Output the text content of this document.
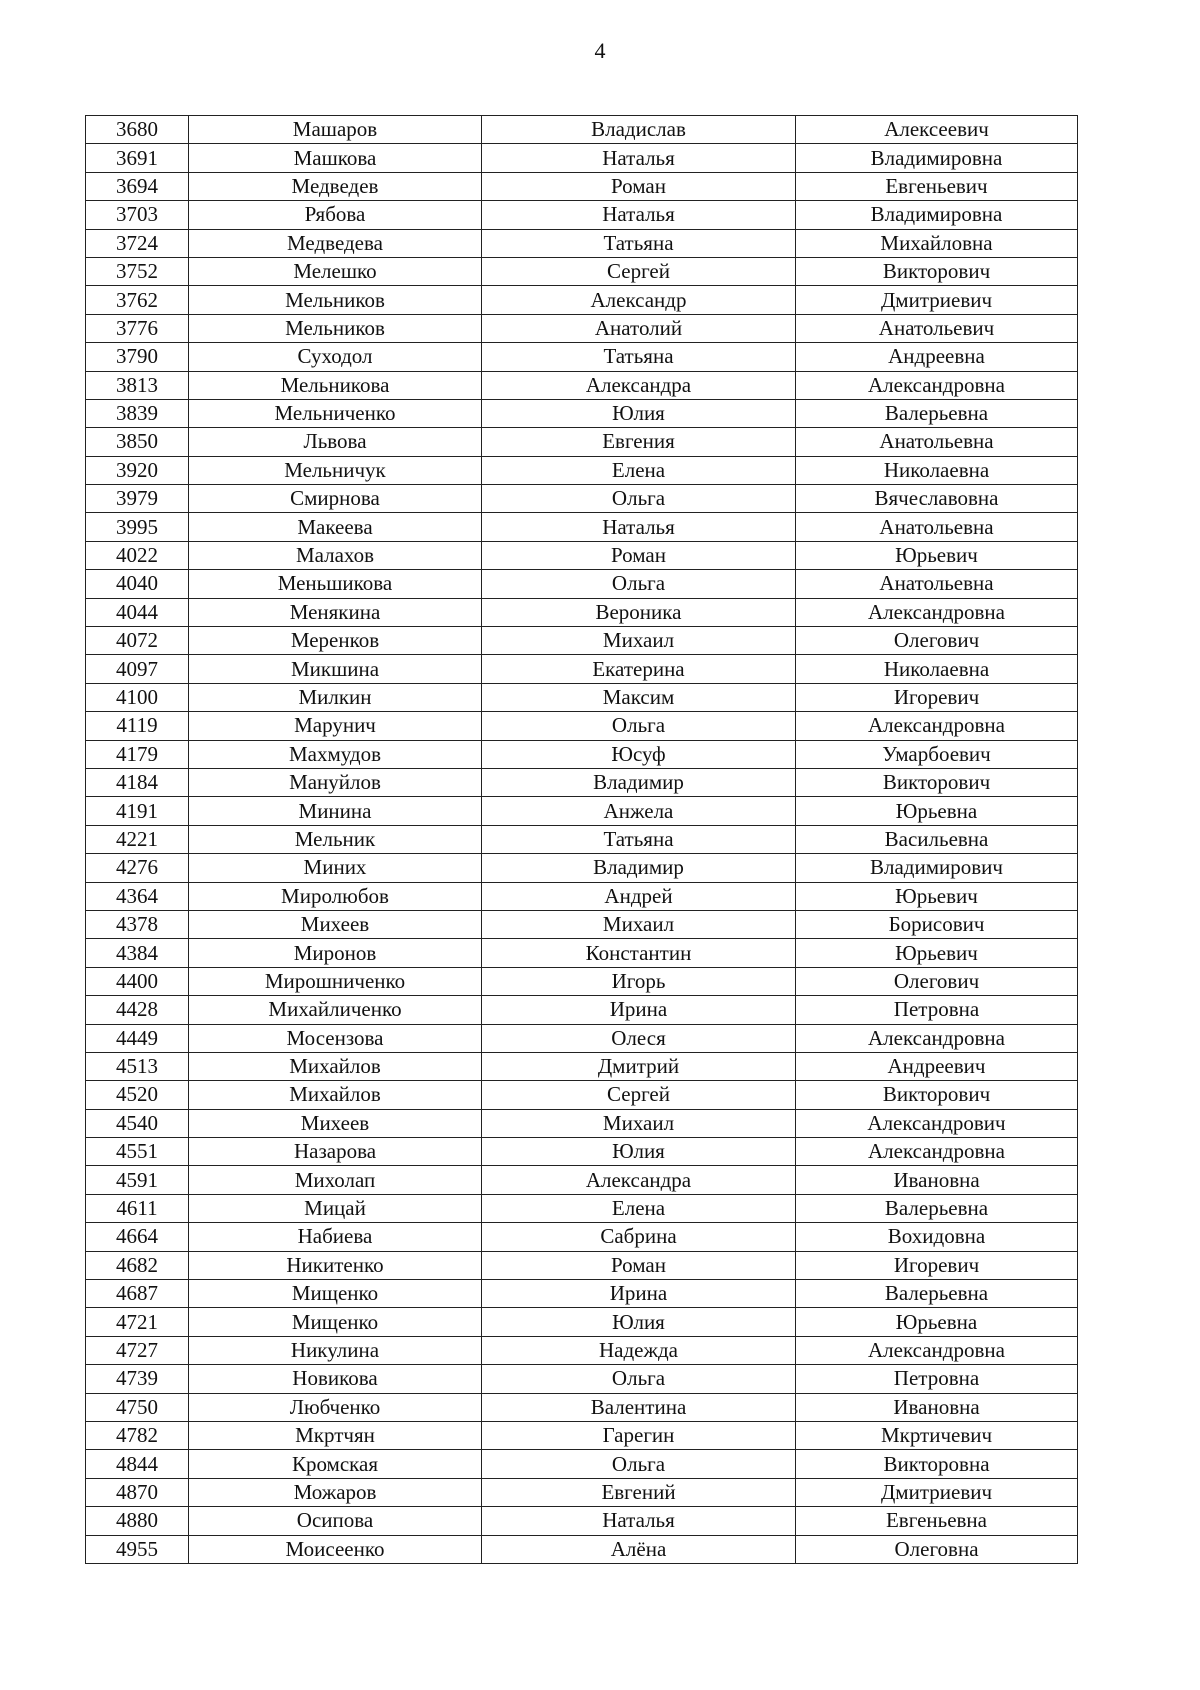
4
3680	Машаров	Владислав	Алексеевич
3691	Машкова	Наталья	Владимировна
3694	Медведев	Роман	Евгеньевич
3703	Рябова	Наталья	Владимировна
3724	Медведева	Татьяна	Михайловна
3752	Мелешко	Сергей	Викторович
3762	Мельников	Александр	Дмитриевич
3776	Мельников	Анатолий	Анатольевич
3790	Суходол	Татьяна	Андреевна
3813	Мельникова	Александра	Александровна
3839	Мельниченко	Юлия	Валерьевна
3850	Львова	Евгения	Анатольевна
3920	Мельничук	Елена	Николаевна
3979	Смирнова	Ольга	Вячеславовна
3995	Макеева	Наталья	Анатольевна
4022	Малахов	Роман	Юрьевич
4040	Меньшикова	Ольга	Анатольевна
4044	Менякина	Вероника	Александровна
4072	Меренков	Михаил	Олегович
4097	Микшина	Екатерина	Николаевна
4100	Милкин	Максим	Игоревич
4119	Марунич	Ольга	Александровна
4179	Махмудов	Юсуф	Умарбоевич
4184	Мануйлов	Владимир	Викторович
4191	Минина	Анжела	Юрьевна
4221	Мельник	Татьяна	Васильевна
4276	Миних	Владимир	Владимирович
4364	Миролюбов	Андрей	Юрьевич
4378	Михеев	Михаил	Борисович
4384	Миронов	Константин	Юрьевич
4400	Мирошниченко	Игорь	Олегович
4428	Михайличенко	Ирина	Петровна
4449	Мосензова	Олеся	Александровна
4513	Михайлов	Дмитрий	Андреевич
4520	Михайлов	Сергей	Викторович
4540	Михеев	Михаил	Александрович
4551	Назарова	Юлия	Александровна
4591	Михолап	Александра	Ивановна
4611	Мицай	Елена	Валерьевна
4664	Набиева	Сабрина	Вохидовна
4682	Никитенко	Роман	Игоревич
4687	Мищенко	Ирина	Валерьевна
4721	Мищенко	Юлия	Юрьевна
4727	Никулина	Надежда	Александровна
4739	Новикова	Ольга	Петровна
4750	Любченко	Валентина	Ивановна
4782	Мкртчян	Гарегин	Мкртичевич
4844	Кромская	Ольга	Викторовна
4870	Можаров	Евгений	Дмитриевич
4880	Осипова	Наталья	Евгеньевна
4955	Моисеенко	Алёна	Олеговна
